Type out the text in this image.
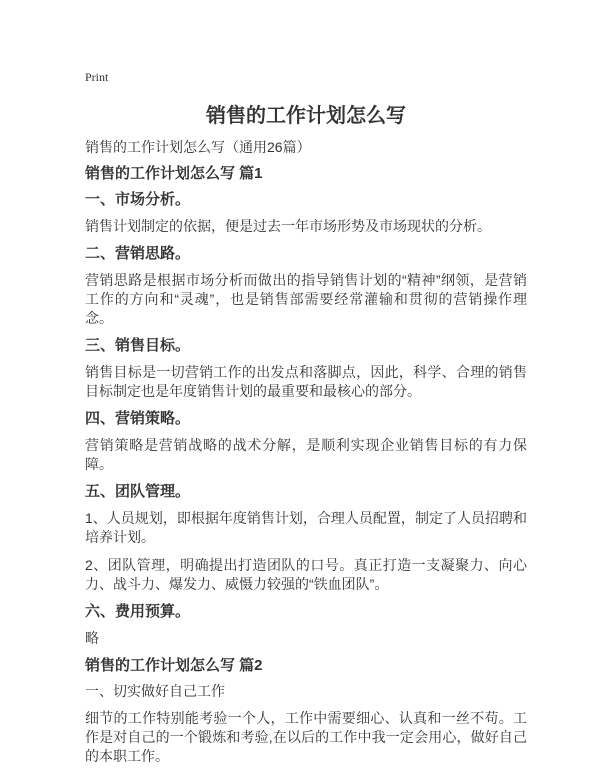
Print
销售的工作计划怎么写

销售的工作计划怎么写（通用26篇）

销售的工作计划怎么写 篇1
一、市场分析。

销售计划制定的依据，便是过去一年市场形势及市场现状的分析。

二、营销思路。

营销思路是根据市场分析而做出的指导销售计划的“精神”纲领，是营销工作的方向和“灵魂”，也是销售部需要经常灌输和贯彻的营销操作理念。

三、销售目标。

销售目标是一切营销工作的出发点和落脚点，因此，科学、合理的销售目标制定也是年度销售计划的最重要和最核心的部分。

四、营销策略。

营销策略是营销战略的战术分解，是顺利实现企业销售目标的有力保障。

五、团队管理。

1、人员规划，即根据年度销售计划，合理人员配置，制定了人员招聘和培养计划。

2、团队管理，明确提出打造团队的口号。真正打造一支凝聚力、向心力、战斗力、爆发力、威慑力较强的“铁血团队”。

六、费用预算。

略

销售的工作计划怎么写 篇2

一、切实做好自己工作

细节的工作特别能考验一个人，工作中需要细心、认真和一丝不苟。工作是对自己的一个锻炼和考验,在以后的工作中我一定会用心，做好自己的本职工作。
